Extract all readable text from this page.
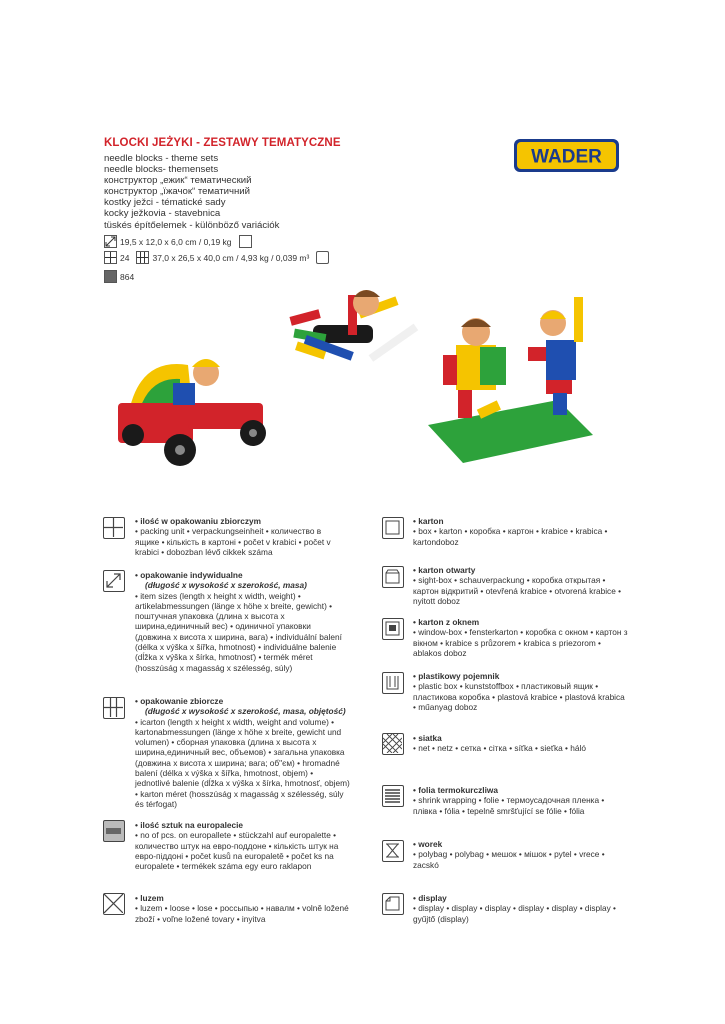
KLOCKI JEŻYKI - ZESTAWY TEMATYCZNE
needle blocks - theme sets
needle blocks- themensets
конструктор „ежик“ тематический
конструктор „їжачок“ тематичний
kostky ježci - tématické sady
kocky ježkovia - stavebnica
tüskés építőelemek - különböző variációk
WADER
19,5 x 12,0 x 6,0 cm / 0,19 kg
24	37,0 x 26,5 x 40,0 cm / 4,93 kg / 0,039 m³
864
• ilość w opakowaniu zbiorczym
• packing unit • verpackungseinheit • количество в ящике • кількість в картоні • počet v krabici • počet v krabici • dobozban lévő cikkek száma
• opakowanie indywidualne
(długość x wysokość x szerokość, masa)
• item sizes (length x height x width, weight) • artikelabmessungen (länge x höhe x breite, gewicht) • поштучная упаковка (длина х высота х ширина,единичный вес) • одиничної упаковки (довжина х висота х ширина, вага) • individuální balení (délka x výška x šířka, hmotnost) • individuálne balenie (dĺžka x výška x šírka, hmotnosť) • termék méret (hosszúság x magasság x szélesség, súly)
• opakowanie zbiorcze
(długość x wysokość x szerokość, masa, objętość)
• icarton (length x height x width, weight and volume) • kartonabmessungen (länge x höhe x breite, gewicht und volumen) • сборная упаковка (длина х высота х ширина,единичный вес, объемов) • загальна упаковка (довжина х висота х ширина; вага; об"єм) • hromadné balení (délka x výška x šířka, hmotnost, objem) • jednotlivé balenie (dĺžka x výška x šírka, hmotnosť, objem) • karton méret (hosszúság x magasság x szélesség, súly és térfogat)
• ilość sztuk na europalecie
• no of pcs. on europallete • stückzahl auf europalette • количество штук на евро-поддоне • кількість штук на евро-піддоні • počet kusů na europaletě • počet ks na europalete • termékek száma egy euro raklapon
• luzem
• luzem • loose • lose • россыпью • навалм • volně ložené zboží • voľne ložené tovary • inyitva
• karton
• box • karton • коробка • картон • krabice • krabica • kartondoboz
• karton otwarty
• sight-box • schauverpackung • коробка открытая • картон відкритий • otevřená krabice • otvorená krabice • nyitott doboz
• karton z oknem
• window-box • fensterkarton • коробка с окном • картон з вікном • krabice s průzorem • krabica s priezorom • ablakos doboz
• plastikowy pojemnik
• plastic box • kunststoffbox • пластиковый ящик • пластикова коробка • plastová krabice • plastová krabica • műanyag doboz
• siatka
• net • netz • сетка • сітка • síťka • sieťka • háló
• folia termokurczliwa
• shrink wrapping • folie • термоусадочная пленка • плівка • fólia • tepelně smršťující se fólie • fólia
• worek
• polybag • polybag • мешок • мішок • pytel • vrece • zacskó
• display
• display • display • display • display • display • display • gyűjtő (display)
